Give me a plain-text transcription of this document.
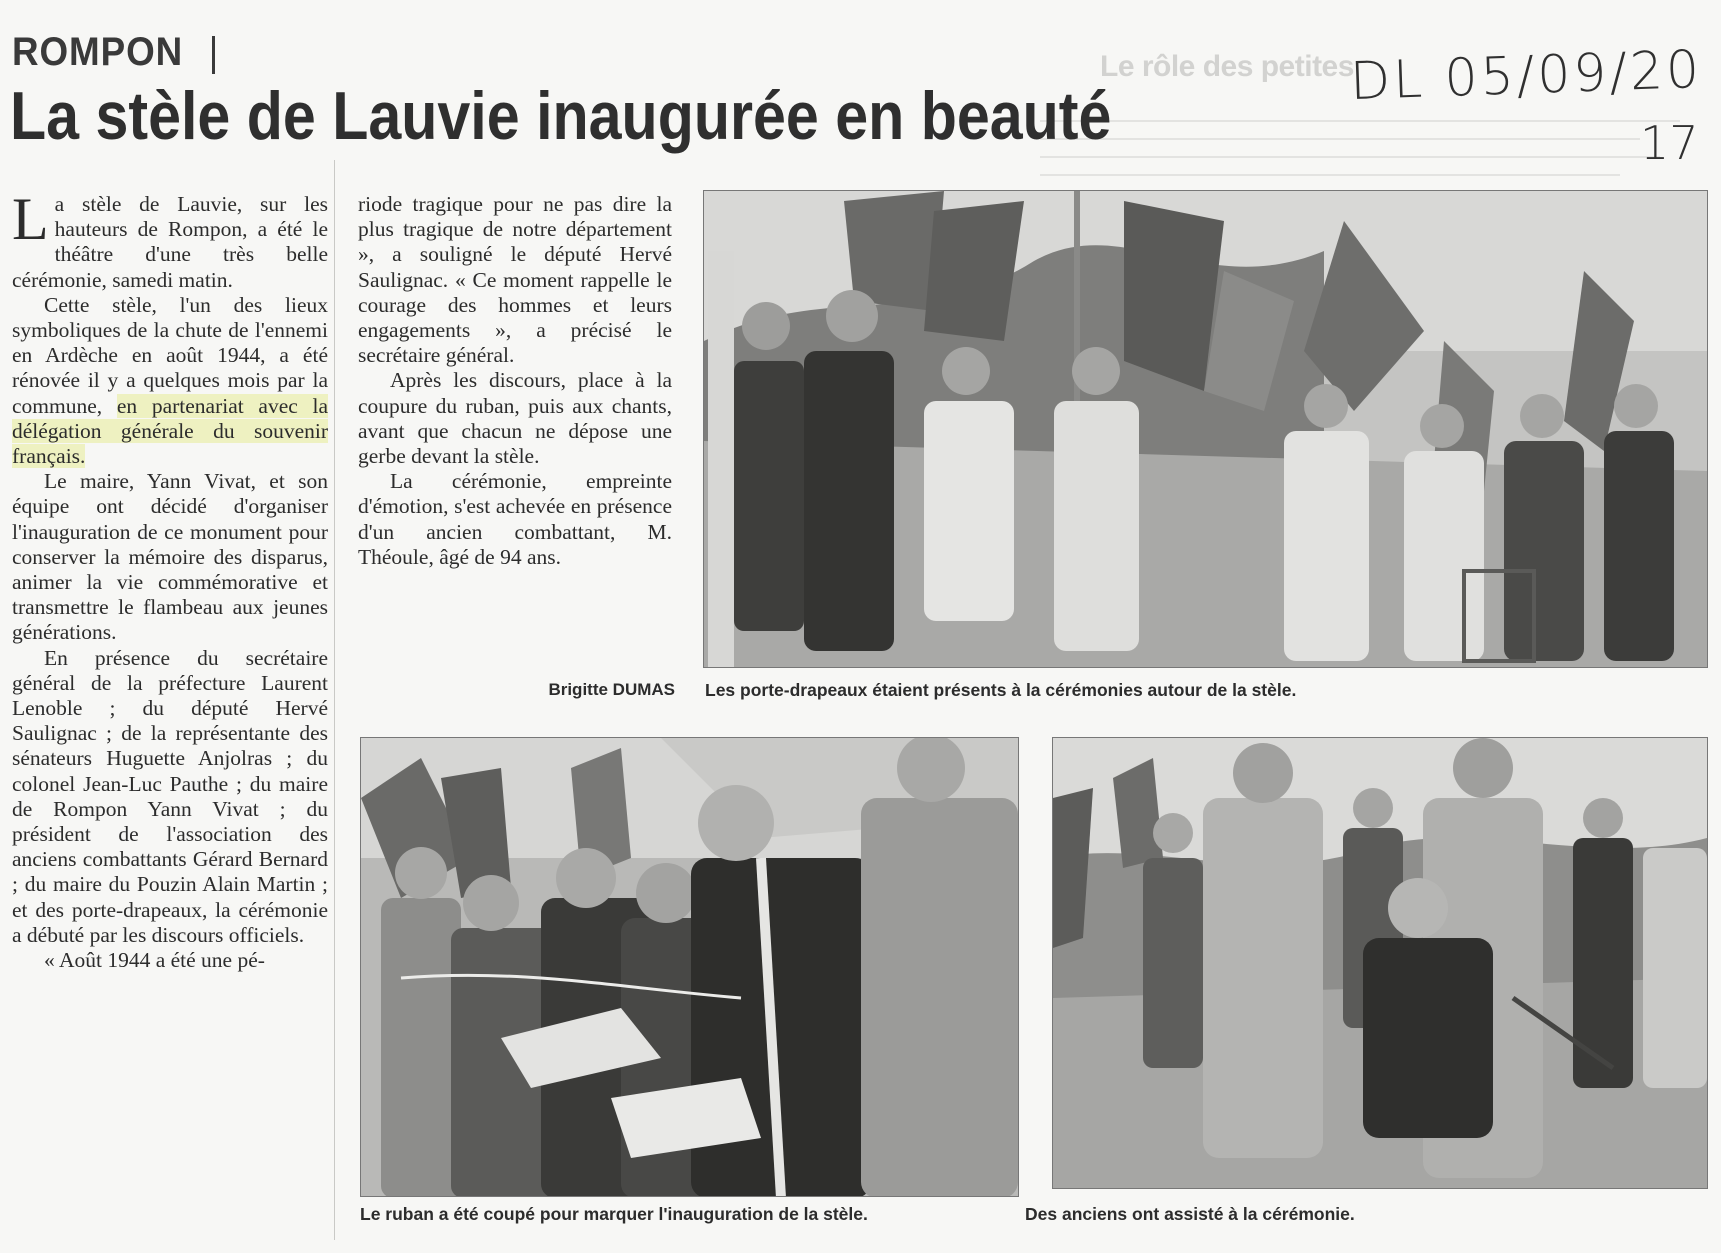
Le rôle des petites
ROMPON
La stèle de Lauvie inaugurée en beauté
DL 05/09/20
17

La stèle de Lauvie, sur les hauteurs de Rompon, a été le théâtre d'une très belle cérémonie, samedi matin.

Cette stèle, l'un des lieux symboliques de la chute de l'ennemi en Ardèche en août 1944, a été rénovée il y a quelques mois par la commune, en partenariat avec la délégation générale du souvenir français.

Le maire, Yann Vivat, et son équipe ont décidé d'organiser l'inauguration de ce monument pour conserver la mémoire des disparus, animer la vie commémorative et transmettre le flambeau aux jeunes générations.

En présence du secrétaire général de la préfecture Laurent Lenoble ; du député Hervé Saulignac ; de la représentante des sénateurs Huguette Anjolras ; du colonel Jean-Luc Pauthe ; du maire de Rompon Yann Vivat ; du président de l'association des anciens combattants Gérard Bernard ; du maire du Pouzin Alain Martin ; et des porte-drapeaux, la cérémonie a débuté par les discours officiels.

« Août 1944 a été une pé-

riode tragique pour ne pas dire la plus tragique de notre département », a souligné le député Hervé Saulignac. « Ce moment rappelle le courage des hommes et leurs engagements », a précisé le secrétaire général.

Après les discours, place à la coupure du ruban, puis aux chants, avant que chacun ne dépose une gerbe devant la stèle.

La cérémonie, empreinte d'émotion, s'est achevée en présence d'un ancien combattant, M. Théoule, âgé de 94 ans.

Brigitte DUMAS Les porte-drapeaux étaient présents à la cérémonies autour de la stèle.
Le ruban a été coupé pour marquer l'inauguration de la stèle.	Des anciens ont assisté à la cérémonie.
